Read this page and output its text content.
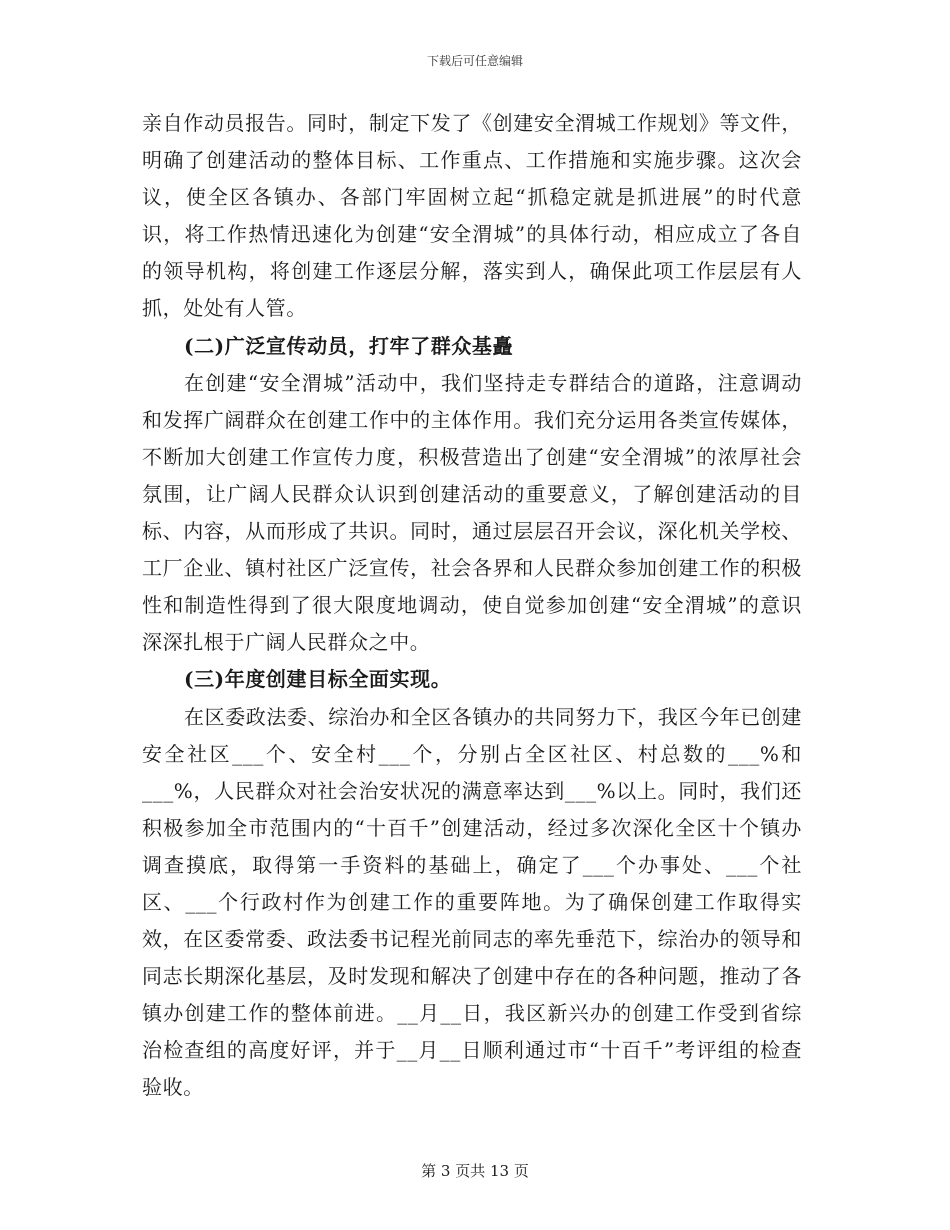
下载后可任意编辑

亲自作动员报告。同时，制定下发了《创建安全渭城工作规划》等文件，明确了创建活动的整体目标、工作重点、工作措施和实施步骤。这次会议，使全区各镇办、各部门牢固树立起“抓稳定就是抓进展”的时代意识，将工作热情迅速化为创建“安全渭城”的具体行动，相应成立了各自的领导机构，将创建工作逐层分解，落实到人，确保此项工作层层有人抓，处处有人管。

(二)广泛宣传动员，打牢了群众基矗

在创建“安全渭城”活动中，我们坚持走专群结合的道路，注意调动和发挥广阔群众在创建工作中的主体作用。我们充分运用各类宣传媒体，不断加大创建工作宣传力度，积极营造出了创建“安全渭城”的浓厚社会氛围，让广阔人民群众认识到创建活动的重要意义，了解创建活动的目标、内容，从而形成了共识。同时，通过层层召开会议，深化机关学校、工厂企业、镇村社区广泛宣传，社会各界和人民群众参加创建工作的积极性和制造性得到了很大限度地调动，使自觉参加创建“安全渭城”的意识深深扎根于广阔人民群众之中。

(三)年度创建目标全面实现。

在区委政法委、综治办和全区各镇办的共同努力下，我区今年已创建安全社区___个、安全村___个，分别占全区社区、村总数的___%和___%，人民群众对社会治安状况的满意率达到___%以上。同时，我们还积极参加全市范围内的“十百千”创建活动，经过多次深化全区十个镇办调查摸底，取得第一手资料的基础上，确定了___个办事处、___个社区、___个行政村作为创建工作的重要阵地。为了确保创建工作取得实效，在区委常委、政法委书记程光前同志的率先垂范下，综治办的领导和同志长期深化基层，及时发现和解决了创建中存在的各种问题，推动了各镇办创建工作的整体前进。__月__日，我区新兴办的创建工作受到省综治检查组的高度好评，并于__月__日顺利通过市“十百千”考评组的检查验收。

第 3 页共 13 页
